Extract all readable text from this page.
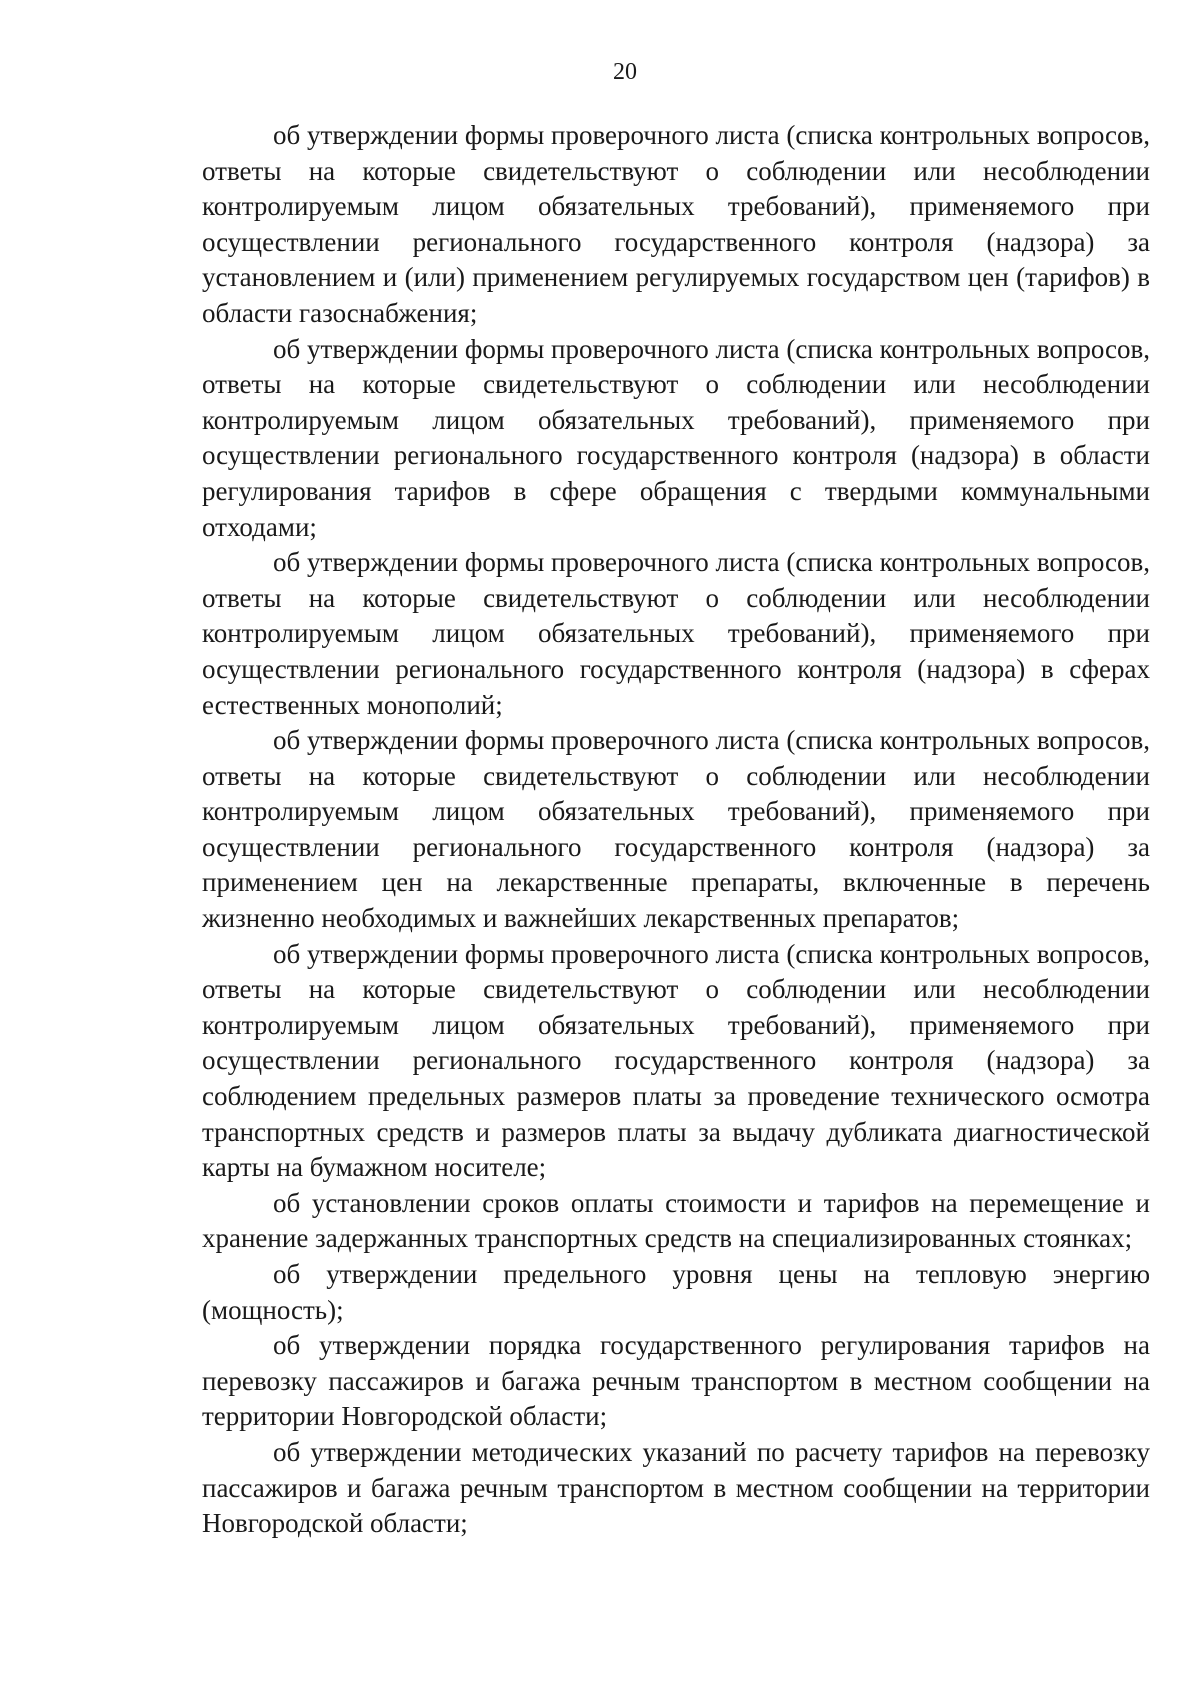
20

об утверждении формы проверочного листа (списка контрольных вопросов, ответы на которые свидетельствуют о соблюдении или несоблюдении контролируемым лицом обязательных требований), применяемого при осуществлении регионального государственного контроля (надзора) за установлением и (или) применением регулируемых государством цен (тарифов) в области газоснабжения;

об утверждении формы проверочного листа (списка контрольных вопросов, ответы на которые свидетельствуют о соблюдении или несоблюдении контролируемым лицом обязательных требований), применяемого при осуществлении регионального государственного контроля (надзора) в области регулирования тарифов в сфере обращения с твердыми коммунальными отходами;

об утверждении формы проверочного листа (списка контрольных вопросов, ответы на которые свидетельствуют о соблюдении или несоблюдении контролируемым лицом обязательных требований), применяемого при осуществлении регионального государственного контроля (надзора) в сферах естественных монополий;

об утверждении формы проверочного листа (списка контрольных вопросов, ответы на которые свидетельствуют о соблюдении или несоблюдении контролируемым лицом обязательных требований), применяемого при осуществлении регионального государственного контроля (надзора) за применением цен на лекарственные препараты, включенные в перечень жизненно необходимых и важнейших лекарственных препаратов;

об утверждении формы проверочного листа (списка контрольных вопросов, ответы на которые свидетельствуют о соблюдении или несоблюдении контролируемым лицом обязательных требований), применяемого при осуществлении регионального государственного контроля (надзора) за соблюдением предельных размеров платы за проведение технического осмотра транспортных средств и размеров платы за выдачу дубликата диагностической карты на бумажном носителе;

об установлении сроков оплаты стоимости и тарифов на перемещение и хранение задержанных транспортных средств на специализированных стоянках;

об утверждении предельного уровня цены на тепловую энергию (мощность);

об утверждении порядка государственного регулирования тарифов на перевозку пассажиров и багажа речным транспортом в местном сообщении на территории Новгородской области;

об утверждении методических указаний по расчету тарифов на перевозку пассажиров и багажа речным транспортом в местном сообщении на территории Новгородской области;
